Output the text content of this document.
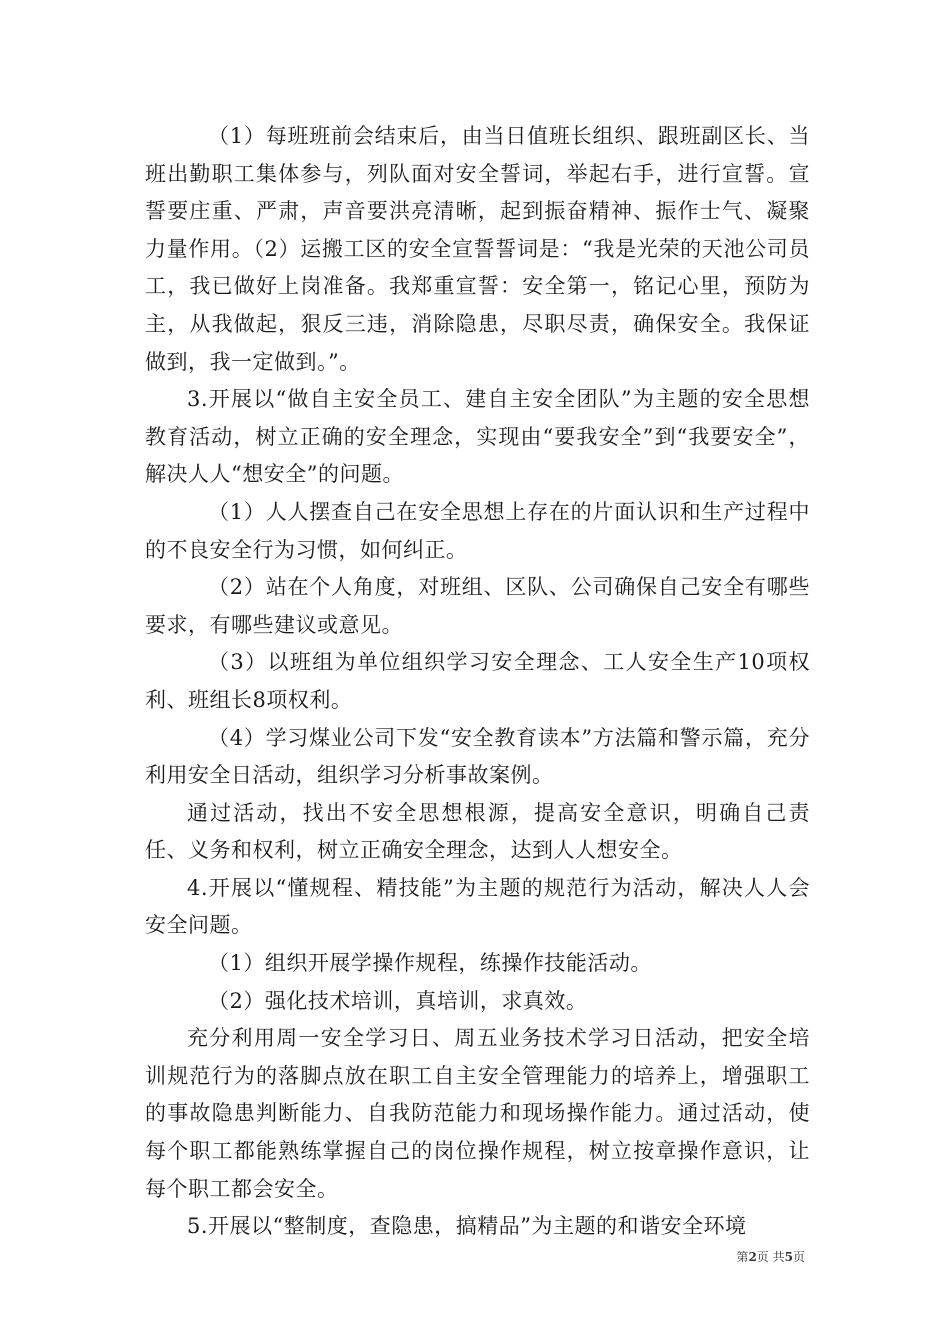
（1）每班班前会结束后，由当日值班长组织、跟班副区长、当班出勤职工集体参与，列队面对安全誓词，举起右手，进行宣誓。宣誓要庄重、严肃，声音要洪亮清晰，起到振奋精神、振作士气、凝聚力量作用。（2）运搬工区的安全宣誓誓词是：“我是光荣的天池公司员工，我已做好上岗准备。我郑重宣誓：安全第一，铭记心里，预防为主，从我做起，狠反三违，消除隐患，尽职尽责，确保安全。我保证做到，我一定做到。”。

3.开展以“做自主安全员工、建自主安全团队”为主题的安全思想教育活动，树立正确的安全理念，实现由“要我安全”到“我要安全”，解决人人“想安全”的问题。

（1）人人摆查自己在安全思想上存在的片面认识和生产过程中的不良安全行为习惯，如何纠正。

（2）站在个人角度，对班组、区队、公司确保自己安全有哪些要求，有哪些建议或意见。

（3）以班组为单位组织学习安全理念、工人安全生产10项权利、班组长8项权利。

（4）学习煤业公司下发“安全教育读本”方法篇和警示篇，充分利用安全日活动，组织学习分析事故案例。

通过活动，找出不安全思想根源，提高安全意识，明确自己责任、义务和权利，树立正确安全理念，达到人人想安全。

4.开展以“懂规程、精技能”为主题的规范行为活动，解决人人会安全问题。

（1）组织开展学操作规程，练操作技能活动。

（2）强化技术培训，真培训，求真效。

充分利用周一安全学习日、周五业务技术学习日活动，把安全培训规范行为的落脚点放在职工自主安全管理能力的培养上，增强职工的事故隐患判断能力、自我防范能力和现场操作能力。通过活动，使每个职工都能熟练掌握自己的岗位操作规程，树立按章操作意识，让每个职工都会安全。

5.开展以“整制度，查隐患，搞精品”为主题的和谐安全环境

第2页 共5页
